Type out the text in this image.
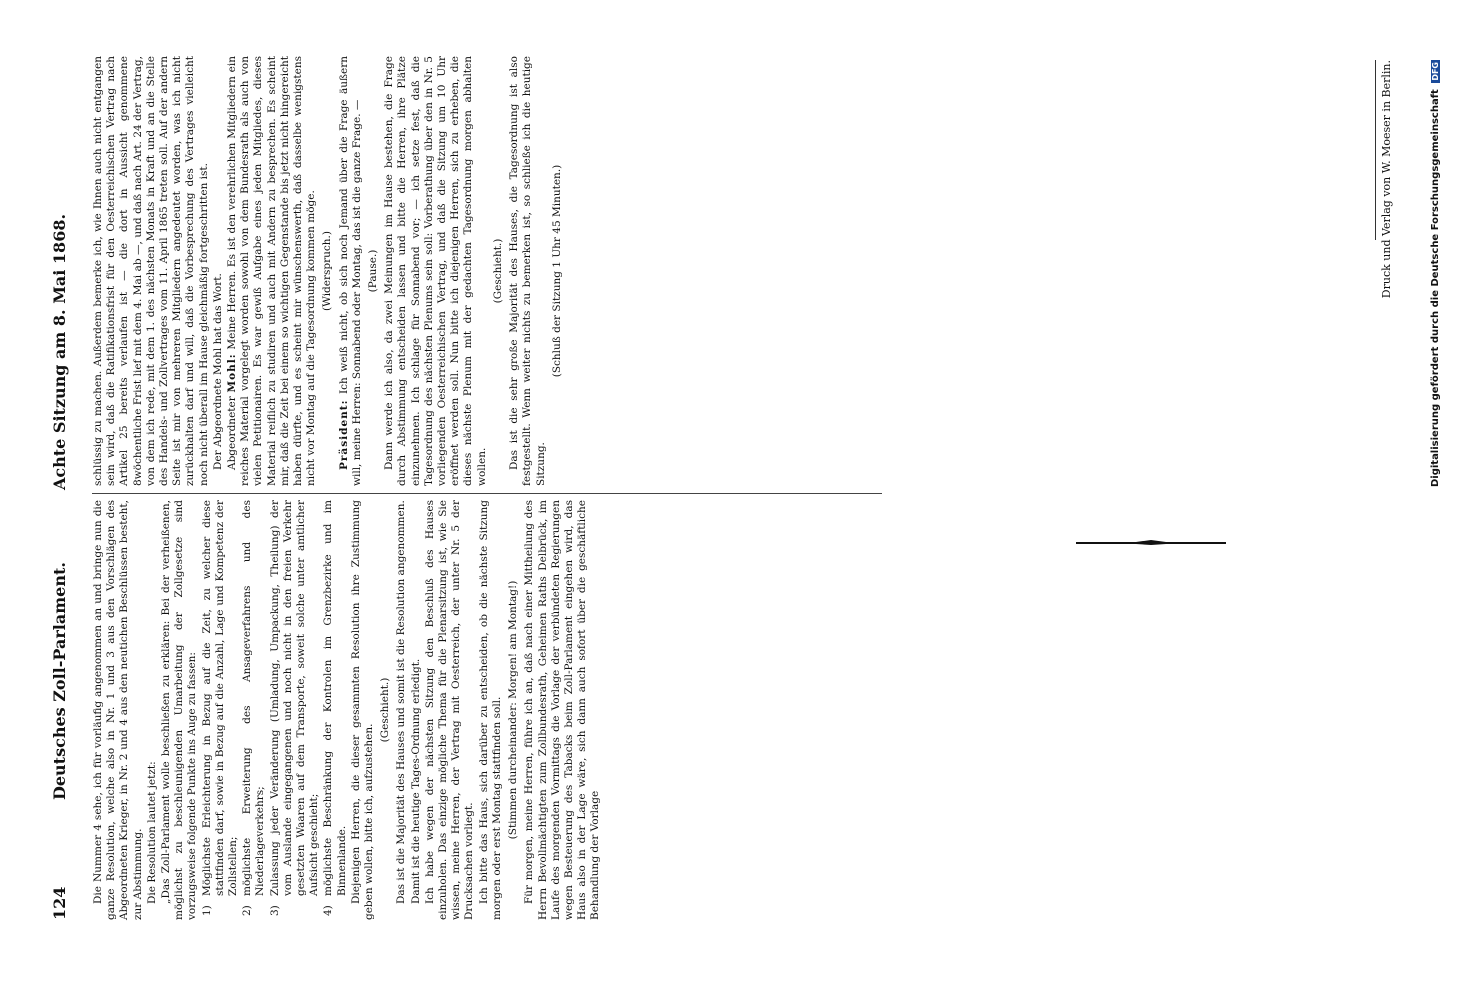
124
Deutsches Zoll-Parlament.
Achte Sitzung am 8. Mai 1868.

Die Nummer 4 sehe, ich für vorläufig angenommen an und bringe nun die ganze Resolution, welche also in Nr. 1 und 3 aus den Vorschlägen des Abgeordneten Krieger, in Nr. 2 und 4 aus den neutichen Beschlüssen besteht, zur Abstimmung. Die Resolution lautet jetzt: „Das Zoll-Parlament wolle beschließen zu erklären: Bei der verheißenen, möglichst zu beschleunigenden Umarbeitung der Zollgesetze sind vorzugsweise folgende Punkte ins Auge zu fassen: 1)
Möglichste Erleichterung in Bezug auf die Zeit, zu welcher diese stattfinden darf, sowie in Bezug auf die Anzahl, Lage und Kompetenz der Zollstellen;

2)
möglichste Erweiterung des Ansageverfahrens und des Niederlageverkehrs;

3)
Zulassung jeder Veränderung (Umladung, Umpackung, Theilung) der vom Auslande eingegangenen und noch nicht in den freien Verkehr gesetzten Waaren auf dem Transporte, soweit solche unter amtlicher Aufsicht geschieht;

4)
möglichste Beschränkung der Kontrolen im Grenzbezirke und im Binnenlande. Diejenigen Herren, die dieser gesammten Resolution ihre Zustimmung geben wollen, bitte ich, aufzustehen.

(Geschieht.) Das ist die Majorität des Hauses und somit ist die Resolution angenommen. Damit ist die heutige Tages-Ordnung erledigt. Ich habe wegen der nächsten Sitzung den Beschluß des Hauses einzuholen. Das einzige mögliche Thema für die Plenarsitzung ist, wie Sie wissen, meine Herren, der Vertrag mit Oesterreich, der unter Nr. 5 der Drucksachen vorliegt. Ich bitte das Haus, sich darüber zu entscheiden, ob die nächste Sitzung morgen oder erst Montag stattfinden soll. (Stimmen durcheinander: Morgen! am Montag!) Für morgen, meine Herren, führe ich an, daß nach einer Mittheilung des Herrn Bevollmächtigten zum Zollbundesrath, Geheimen Raths Delbrück, im Laufe des morgenden Vormittags die Vorlage der verbündeten Regierungen wegen Besteuerung des Tabacks beim Zoll-Parlament eingehen wird, das Haus also in der Lage wäre, sich dann auch sofort über die geschäftliche Behandlung der Vorlage

schlüssig zu machen. Außerdem bemerke ich, wie Ihnen auch nicht entgangen sein wird, daß die Ratifikationsfrist für den Oesterreichischen Vertrag nach Artikel 25 bereits verlaufen ist — die dort in Aussicht genommene 8wöchentliche Frist lief mit dem 4. Mai ab —, und daß nach Art. 24 der Vertrag, von dem ich rede, mit dem 1. des nächsten Monats in Kraft und an die Stelle des Handels- und Zollvertrages vom 11. April 1865 treten soll. Auf der andern Seite ist mir von mehreren Mitgliedern angedeutet worden, was ich nicht zurückhalten darf und will, daß die Vorbesprechung des Vertrages vielleicht noch nicht überall im Hause gleichmäßig fortgeschritten ist. Der Abgeordnete Mohl hat das Wort. Abgeordneter Mohl: Meine Herren. Es ist den verehrlichen Mitgliedern ein reiches Material vorgelegt worden sowohl von dem Bundesrath als auch von vielen Petitionairen. Es war gewiß Aufgabe eines jeden Mitgliedes, dieses Material reiflich zu studiren und auch mit Andern zu besprechen. Es scheint mir, daß die Zeit bei einem so wichtigen Gegenstande bis jetzt nicht hingereicht haben dürfte, und es scheint mir wünschenswerth, daß dasselbe wenigstens nicht vor Montag auf die Tagesordnung kommen möge. (Widerspruch.)

Präsident: Ich weiß nicht, ob sich noch Jemand über die Frage äußern will, meine Herren: Sonnabend oder Montag, das ist die ganze Frage. — (Pause.) Dann werde ich also, da zwei Meinungen im Hause bestehen, die Frage durch Abstimmung entscheiden lassen und bitte die Herren, ihre Plätze einzunehmen. Ich schlage für Sonnabend vor; — ich setze fest, daß die Tagesordnung des nächsten Plenums sein soll: Vorberathung über den in Nr. 5 vorliegenden Oesterreichischen Vertrag, und daß die Sitzung um 10 Uhr eröffnet werden soll. Nun bitte ich diejenigen Herren, sich zu erheben, die dieses nächste Plenum mit der gedachten Tagesordnung morgen abhalten wollen.

(Geschieht.) Das ist die sehr große Majorität des Hauses, die Tagesordnung ist also festgestellt. Wenn weiter nichts zu bemerken ist, so schließe ich die heutige Sitzung.

(Schluß der Sitzung 1 Uhr 45 Minuten.)	Druck und Verlag von W. Moeser in Berlin.	Digitalisierung gefördert durch die Deutsche Forschungsgemeinschaft DFG
